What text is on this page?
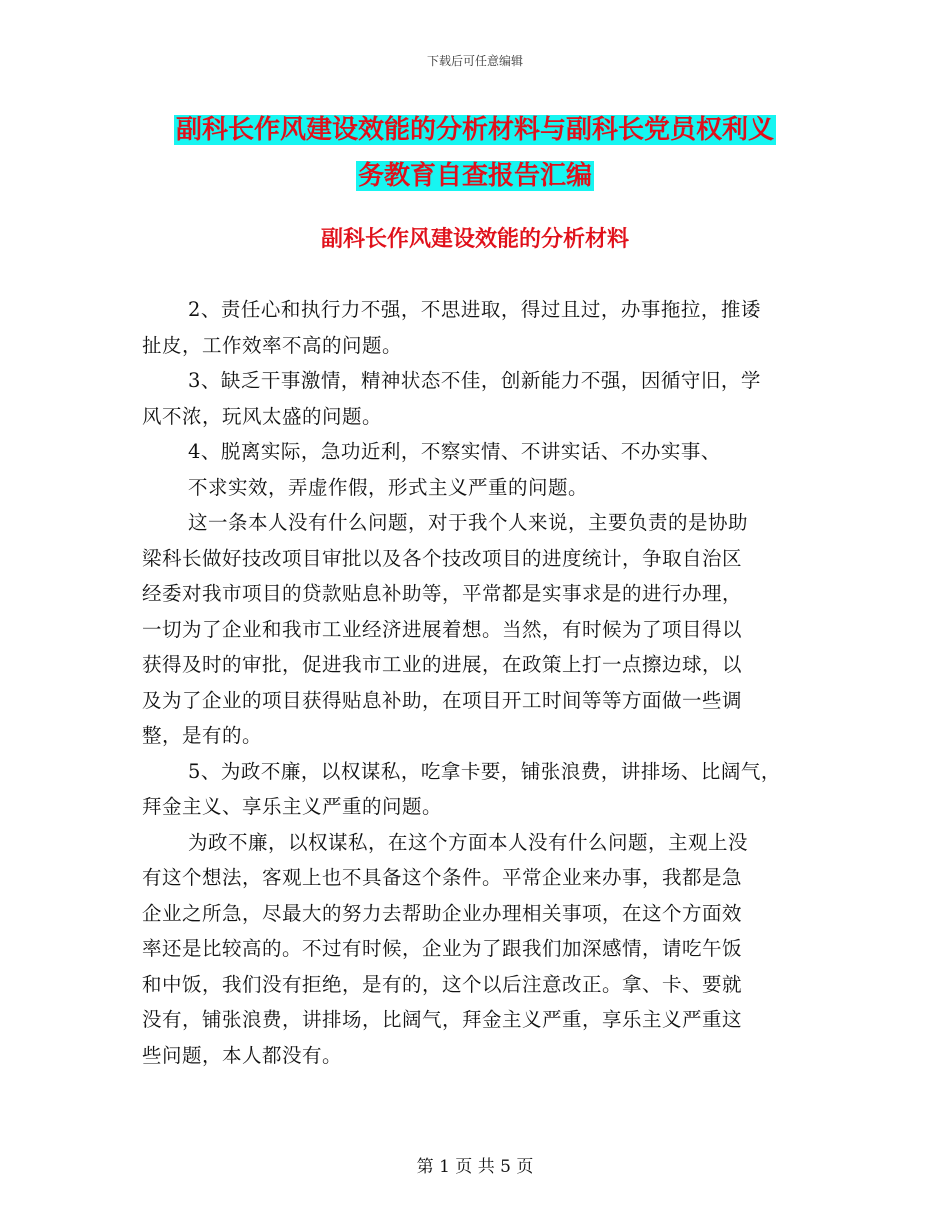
下载后可任意编辑
副科长作风建设效能的分析材料与副科长党员权利义
务教育自查报告汇编
副科长作风建设效能的分析材料
2、责任心和执行力不强，不思进取，得过且过，办事拖拉，推诿
扯皮，工作效率不高的问题。
3、缺乏干事激情，精神状态不佳，创新能力不强，因循守旧，学
风不浓，玩风太盛的问题。
4、脱离实际，急功近利，不察实情、不讲实话、不办实事、
不求实效，弄虚作假，形式主义严重的问题。
这一条本人没有什么问题，对于我个人来说，主要负责的是协助
梁科长做好技改项目审批以及各个技改项目的进度统计，争取自治区
经委对我市项目的贷款贴息补助等，平常都是实事求是的进行办理，
一切为了企业和我市工业经济进展着想。当然，有时候为了项目得以
获得及时的审批，促进我市工业的进展，在政策上打一点擦边球，以
及为了企业的项目获得贴息补助，在项目开工时间等等方面做一些调
整，是有的。
5、为政不廉，以权谋私，吃拿卡要，铺张浪费，讲排场、比阔气，
拜金主义、享乐主义严重的问题。
为政不廉，以权谋私，在这个方面本人没有什么问题，主观上没
有这个想法，客观上也不具备这个条件。平常企业来办事，我都是急
企业之所急，尽最大的努力去帮助企业办理相关事项，在这个方面效
率还是比较高的。不过有时候，企业为了跟我们加深感情，请吃午饭
和中饭，我们没有拒绝，是有的，这个以后注意改正。拿、卡、要就
没有，铺张浪费，讲排场，比阔气，拜金主义严重，享乐主义严重这
些问题，本人都没有。
第 1 页 共 5 页
